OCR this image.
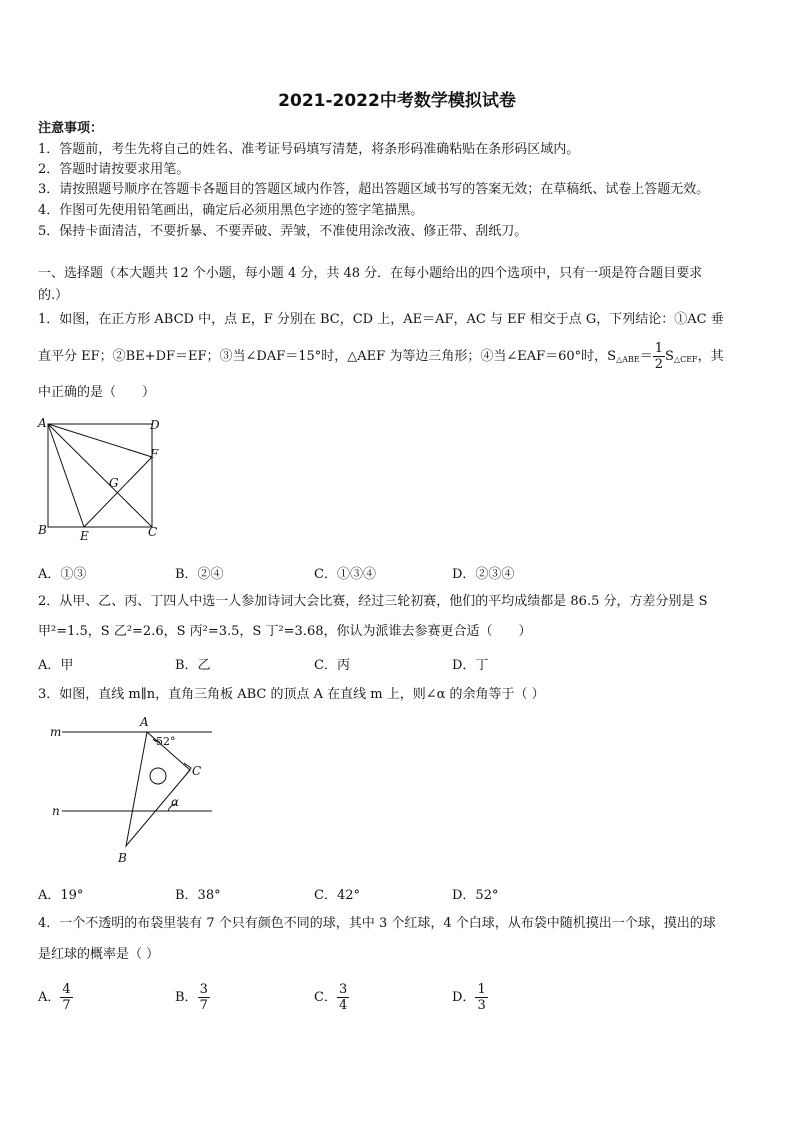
2021-2022中考数学模拟试卷
注意事项：
1．答题前，考生先将自己的姓名、准考证号码填写清楚，将条形码准确粘贴在条形码区域内。
2．答题时请按要求用笔。
3．请按照题号顺序在答题卡各题目的答题区域内作答，超出答题区域书写的答案无效；在草稿纸、试卷上答题无效。
4．作图可先使用铅笔画出，确定后必须用黑色字迹的签字笔描黑。
5．保持卡面清洁，不要折暴、不要弄破、弄皱，不准使用涂改液、修正带、刮纸刀。
一、选择题（本大题共 12 个小题，每小题 4 分，共 48 分．在每小题给出的四个选项中，只有一项是符合题目要求
的.）
1．如图，在正方形 ABCD 中，点 E，F 分别在 BC，CD 上，AE＝AF，AC 与 EF 相交于点 G，下列结论：①AC 垂
直平分 EF；②BE+DF＝EF；③当∠DAF＝15°时，△AEF 为等边三角形；④当∠EAF＝60°时，$S_{\triangle ABE}= \frac{1}{2} S_{\triangle CEF}$，其
中正确的是（　　）
A	D
F
G
B	E	C
A．①③	B．②④	C．①③④	D．②③④
2．从甲、乙、丙、丁四人中选一人参加诗词大会比赛，经过三轮初赛，他们的平均成绩都是 86.5 分，方差分别是 S
甲²=1.5，S 乙²=2.6，S 丙²=3.5，S 丁²=3.68，你认为派谁去参赛更合适（　　）
A．甲	B．乙	C．丙	D．丁
3．如图，直线 m∥n，直角三角板 ABC 的顶点 A 在直线 m 上，则∠α 的余角等于（ ）
m
n
A
B
C
52°
α
A．19°	B．38°	C．42°	D．52°
4．一个不透明的布袋里装有 7 个只有颜色不同的球，其中 3 个红球，4 个白球，从布袋中随机摸出一个球，摸出的球
是红球的概率是（ ）
A． $\frac{4}{7}$	B． $\frac{3}{7}$	C． $\frac{3}{4}$	D． $\frac{1}{3}$
